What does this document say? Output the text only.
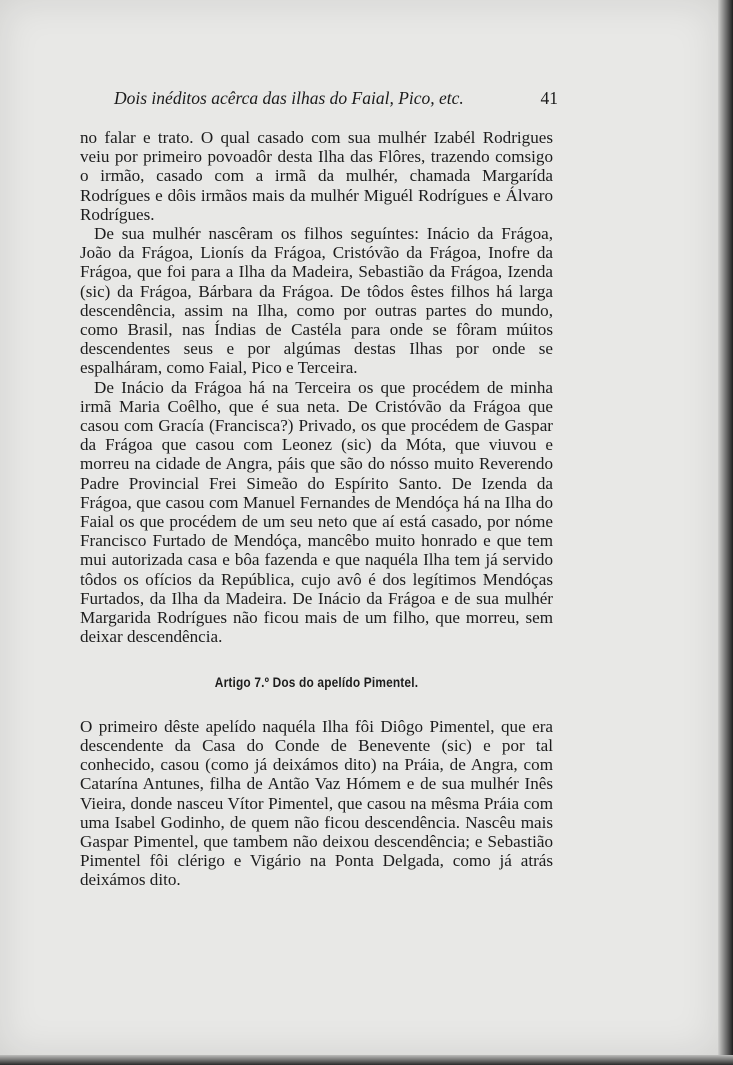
Dois inéditos acêrca das ilhas do Faial, Pico, etc.	41

no falar e trato. O qual casado com sua mulhér Izabél Rodrigues veiu por primeiro povoadôr desta Ilha das Flôres, trazendo comsigo o irmão, casado com a irmã da mulhér, chamada Margarída Rodrígues e dôis irmãos mais da mulhér Miguél Rodrígues e Álvaro Rodrígues.

De sua mulhér nascêram os filhos seguíntes: Inácio da Frágoa, João da Frágoa, Lionís da Frágoa, Cristóvão da Frágoa, Inofre da Frágoa, que foi para a Ilha da Madeira, Sebastião da Frágoa, Izenda (sic) da Frágoa, Bárbara da Frágoa. De tôdos êstes filhos há larga descendência, assim na Ilha, como por outras partes do mundo, como Brasil, nas Índias de Castéla para onde se fôram múitos descendentes seus e por algúmas destas Ilhas por onde se espalháram, como Faial, Pico e Terceira.

De Inácio da Frágoa há na Terceira os que procédem de minha irmã Maria Coêlho, que é sua neta. De Cristóvão da Frágoa que casou com Gracía (Francisca?) Privado, os que procédem de Gaspar da Frágoa que casou com Leonez (sic) da Móta, que viuvou e morreu na cidade de Angra, páis que são do nósso muito Reverendo Padre Provincial Frei Simeão do Espírito Santo. De Izenda da Frágoa, que casou com Manuel Fernandes de Mendóça há na Ilha do Faial os que procédem de um seu neto que aí está casado, por nóme Francisco Furtado de Mendóça, mancêbo muito honrado e que tem mui autorizada casa e bôa fazenda e que naquéla Ilha tem já servido tôdos os ofícios da República, cujo avô é dos legítimos Mendóças Furtados, da Ilha da Madeira. De Inácio da Frágoa e de sua mulhér Margarida Rodrígues não ficou mais de um filho, que morreu, sem deixar descendência.

Artigo 7.º Dos do apelído Pimentel.

O primeiro dêste apelído naquéla Ilha fôi Diôgo Pimentel, que era descendente da Casa do Conde de Benevente (sic) e por tal conhecido, casou (como já deixámos dito) na Práia, de Angra, com Catarína Antunes, filha de Antão Vaz Hómem e de sua mulhér Inês Vieira, donde nasceu Vítor Pimentel, que casou na mêsma Práia com uma Isabel Godinho, de quem não ficou descendência. Nascêu mais Gaspar Pimentel, que tambem não deixou descendência; e Sebastião Pimentel fôi clérigo e Vigário na Ponta Delgada, como já atrás deixámos dito.
